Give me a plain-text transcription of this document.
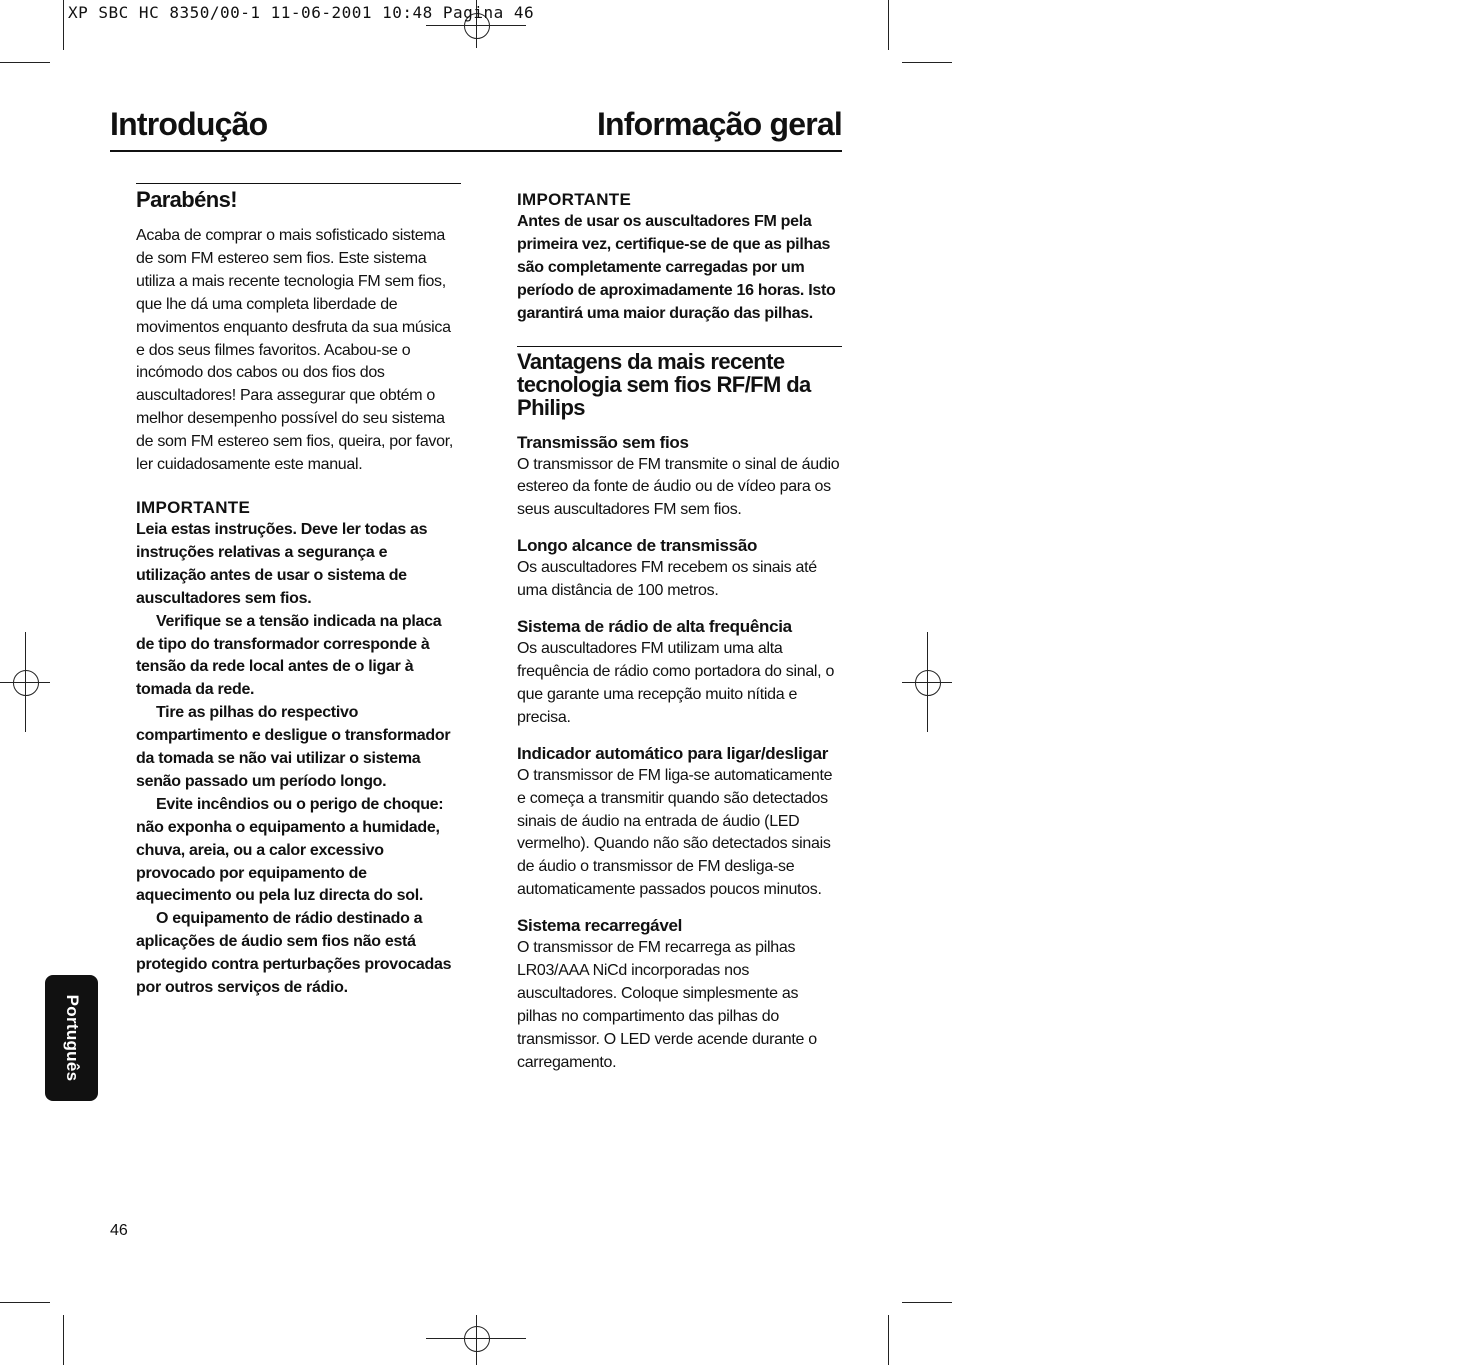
XP SBC HC 8350/00-1 11-06-2001 10:48 Pagina 46
Introdução	Informação geral
Parabéns!

Acaba de comprar o mais sofisticado sistema de som FM estereo sem fios. Este sistema utiliza a mais recente tecnologia FM sem fios, que lhe dá uma completa liberdade de movimentos enquanto desfruta da sua música e dos seus filmes favoritos. Acabou-se o incómodo dos cabos ou dos fios dos auscultadores! Para assegurar que obtém o melhor desempenho possível do seu sistema de som FM estereo sem fios, queira, por favor, ler cuidadosamente este manual.

IMPORTANTE

Leia estas instruções. Deve ler todas as instruções relativas a segurança e utilização antes de usar o sistema de auscultadores sem fios.

Verifique se a tensão indicada na placa de tipo do transformador corresponde à tensão da rede local antes de o ligar à tomada da rede.

Tire as pilhas do respectivo compartimento e desligue o transformador da tomada se não vai utilizar o sistema senão passado um período longo.

Evite incêndios ou o perigo de choque: não exponha o equipamento a humidade, chuva, areia, ou a calor excessivo provocado por equipamento de aquecimento ou pela luz directa do sol.

O equipamento de rádio destinado a aplicações de áudio sem fios não está protegido contra perturbações provocadas por outros serviços de rádio.

IMPORTANTE

Antes de usar os auscultadores FM pela primeira vez, certifique-se de que as pilhas são completamente carregadas por um período de aproximadamente 16 horas. Isto garantirá uma maior duração das pilhas.

Vantagens da mais recente tecnologia sem fios RF/FM da Philips
Transmissão sem fios

O transmissor de FM transmite o sinal de áudio estereo da fonte de áudio ou de vídeo para os seus auscultadores FM sem fios.

Longo alcance de transmissão

Os auscultadores FM recebem os sinais até uma distância de 100 metros.

Sistema de rádio de alta frequência

Os auscultadores FM utilizam uma alta frequência de rádio como portadora do sinal, o que garante uma recepção muito nítida e precisa.

Indicador automático para ligar/desligar

O transmissor de FM liga-se automaticamente e começa a transmitir quando são detectados sinais de áudio na entrada de áudio (LED vermelho). Quando não são detectados sinais de áudio o transmissor de FM desliga-se automaticamente passados poucos minutos.

Sistema recarregável

O transmissor de FM recarrega as pilhas LR03/AAA NiCd incorporadas nos auscultadores. Coloque simplesmente as pilhas no compartimento das pilhas do transmissor. O LED verde acende durante o carregamento.

46
Português
